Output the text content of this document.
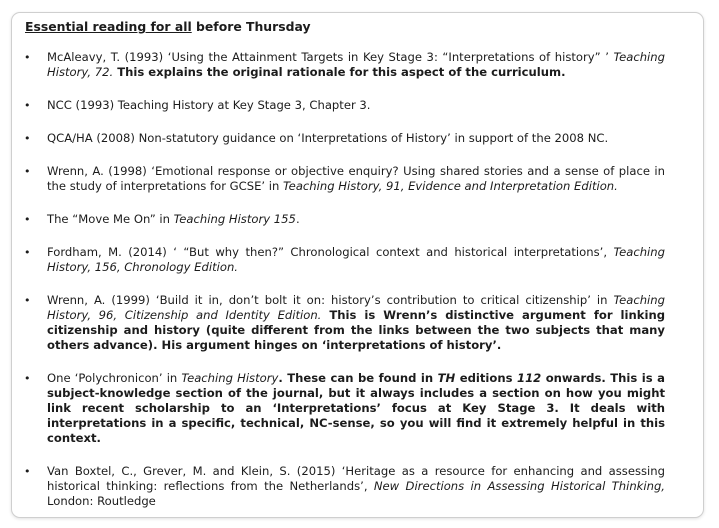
Essential reading for all before Thursday
• McAleavy, T. (1993) ‘Using the Attainment Targets in Key Stage 3: “Interpretations of history” ’ Teaching History, 72. This explains the original rationale for this aspect of the curriculum.
• NCC (1993) Teaching History at Key Stage 3, Chapter 3.
• QCA/HA (2008) Non-statutory guidance on ‘Interpretations of History’ in support of the 2008 NC.
• Wrenn, A. (1998) ‘Emotional response or objective enquiry? Using shared stories and a sense of place in the study of interpretations for GCSE’ in Teaching History, 91, Evidence and Interpretation Edition.
• The “Move Me On” in Teaching History 155.
• Fordham, M. (2014) ‘ “But why then?” Chronological context and historical interpretations’, Teaching History, 156, Chronology Edition.
• Wrenn, A. (1999) ‘Build it in, don’t bolt it on: history’s contribution to critical citizenship’ in Teaching History, 96, Citizenship and Identity Edition. This is Wrenn’s distinctive argument for linking citizenship and history (quite different from the links between the two subjects that many others advance). His argument hinges on ‘interpretations of history’.
• One ‘Polychronicon’ in Teaching History. These can be found in TH editions 112 onwards. This is a subject-knowledge section of the journal, but it always includes a section on how you might link recent scholarship to an ‘Interpretations’ focus at Key Stage 3. It deals with interpretations in a specific, technical, NC-sense, so you will find it extremely helpful in this context.
• Van Boxtel, C., Grever, M. and Klein, S. (2015) ‘Heritage as a resource for enhancing and assessing historical thinking: reflections from the Netherlands’, New Directions in Assessing Historical Thinking, London: Routledge
